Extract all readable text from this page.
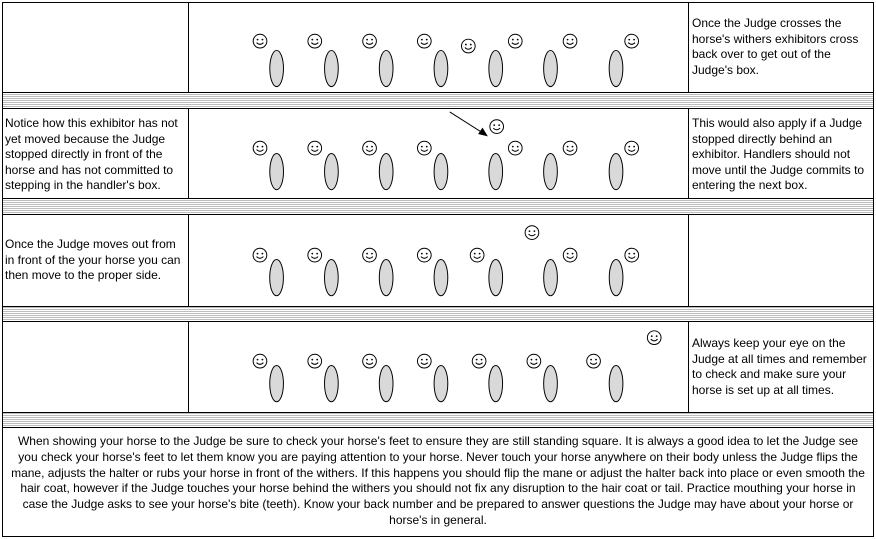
Once the Judge crosses the horse's withers exhibitors cross back over to get out of the Judge's box.

Notice how this exhibitor has not yet moved because the Judge stopped directly in front of the horse and has not committed to stepping in the handler's box.

This would also apply if a Judge stopped directly behind an exhibitor. Handlers should not move until the Judge commits to entering the next box.

Once the Judge moves out from in front of the your horse you can then move to the proper side.

Always keep your eye on the Judge at all times and remember to check and make sure your horse is set up at all times.

When showing your horse to the Judge be sure to check your horse's feet to ensure they are still standing square. It is always a good idea to let the Judge see you check your horse's feet to let them know you are paying attention to your horse. Never touch your horse anywhere on their body unless the Judge flips the mane, adjusts the halter or rubs your horse in front of the withers. If this happens you should flip the mane or adjust the halter back into place or even smooth the hair coat, however if the Judge touches your horse behind the withers you should not fix any disruption to the hair coat or tail. Practice mouthing your horse in case the Judge asks to see your horse's bite (teeth). Know your back number and be prepared to answer questions the Judge may have about your horse or horse's in general.
